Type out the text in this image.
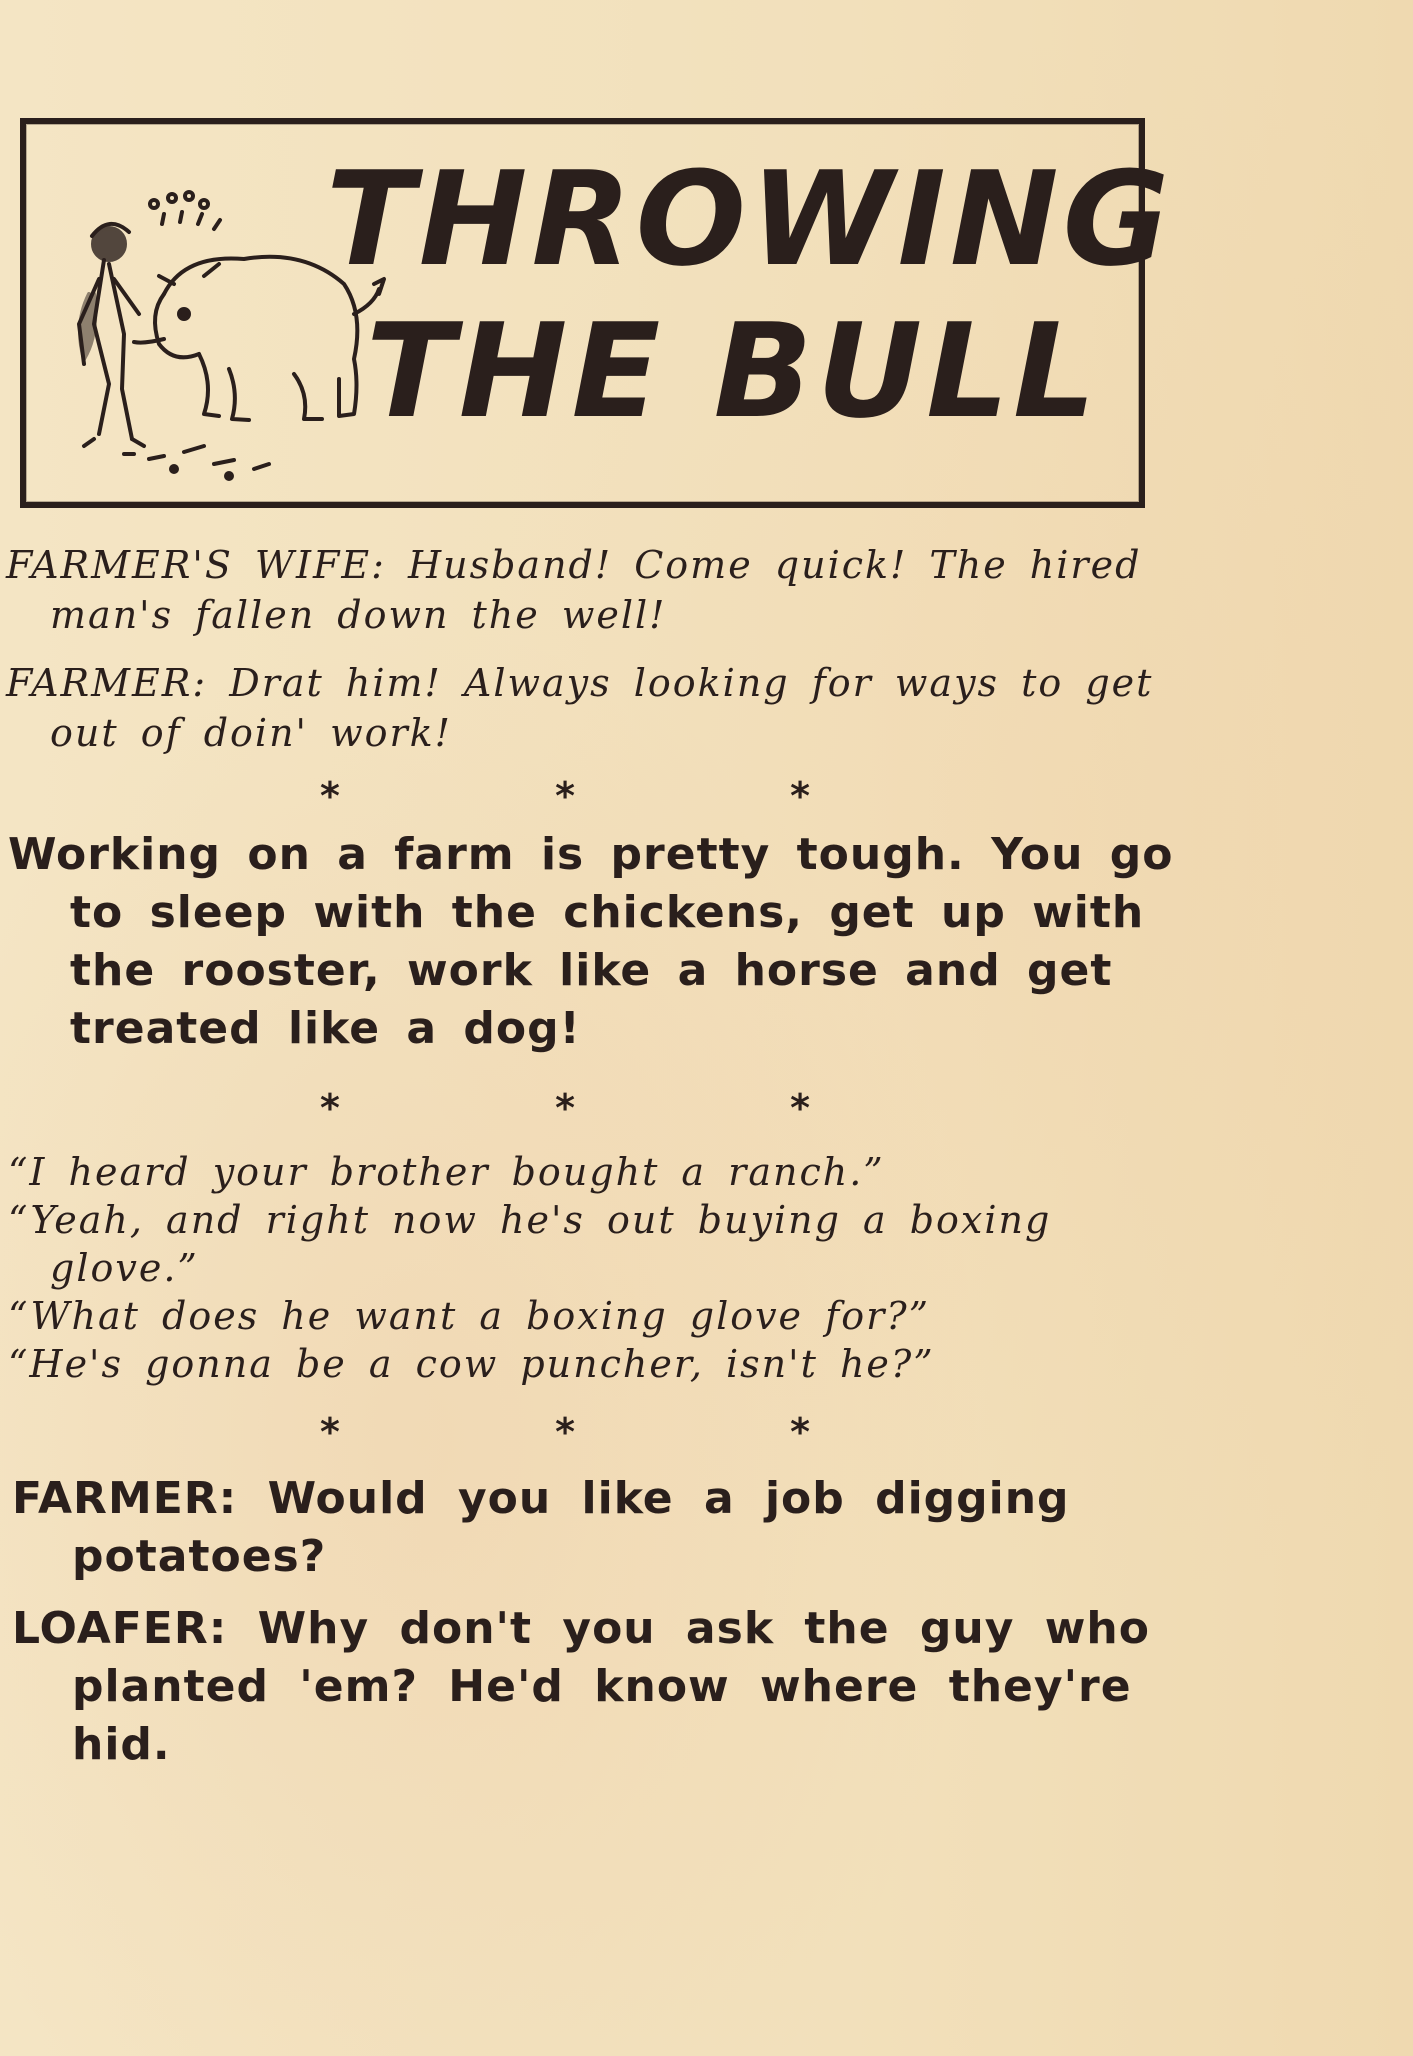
THROWING
THE BULL

FARMER'S WIFE: Husband! Come quick! The hired man's fallen down the well!

FARMER: Drat him! Always looking for ways to get out of doin' work!

*	*	*

Working on a farm is pretty tough. You go to sleep with the chickens, get up with the rooster, work like a horse and get treated like a dog!

*	*	*

“I heard your brother bought a ranch.”

“Yeah, and right now he's out buying a boxing glove.”

“What does he want a boxing glove for?”

“He's gonna be a cow puncher, isn't he?”

*	*	*

FARMER: Would you like a job digging potatoes?

LOAFER: Why don't you ask the guy who planted 'em? He'd know where they're hid.
